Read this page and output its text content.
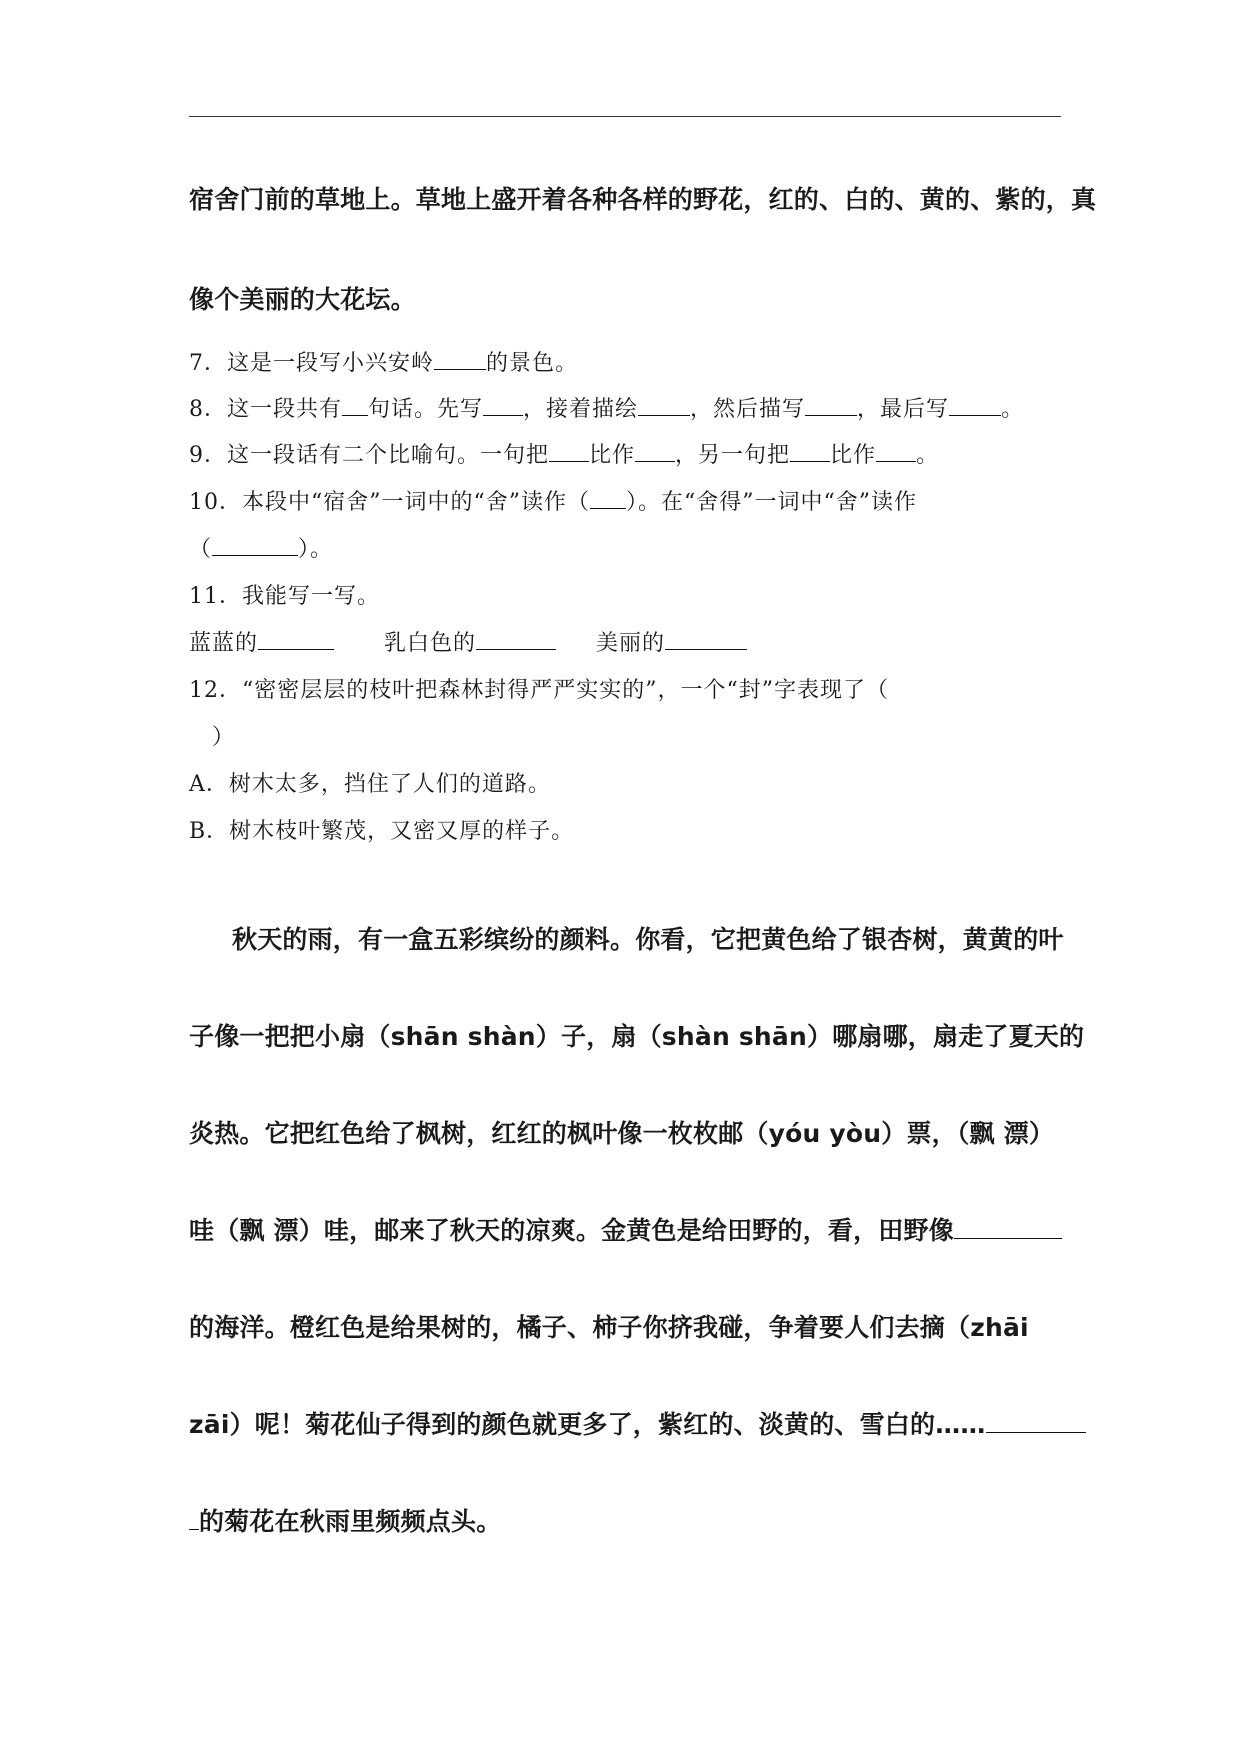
宿舍门前的草地上。草地上盛开着各种各样的野花，红的、白的、黄的、紫的，真
像个美丽的大花坛。
7．这是一段写小兴安岭 的景色。
8．这一段共有 句话。先写 ，接着描绘 ，然后描写 ，最后写 。
9．这一段话有二个比喻句。一句把 比作 ，另一句把 比作 。
10．本段中“宿舍”一词中的“舍”读作（ ）。在“舍得”一词中“舍”读作
（	）。
11．我能写一写。
蓝蓝的	乳白色的	美丽的
12．“密密层层的枝叶把森林封得严严实实的”，一个“封”字表现了（
）
A．树木太多，挡住了人们的道路。
B．树木枝叶繁茂，又密又厚的样子。
秋天的雨，有一盒五彩缤纷的颜料。你看，它把黄色给了银杏树，黄黄的叶
子像一把把小扇（shān shàn）子，扇（shàn shān）哪扇哪，扇走了夏天的
炎热。它把红色给了枫树，红红的枫叶像一枚枚邮（yóu yòu）票，（飘 漂）
哇（飘 漂）哇，邮来了秋天的凉爽。金黄色是给田野的，看，田野像
的海洋。橙红色是给果树的，橘子、柿子你挤我碰，争着要人们去摘（zhāi
zāi）呢！菊花仙子得到的颜色就更多了，紫红的、淡黄的、雪白的……
的菊花在秋雨里频频点头。
